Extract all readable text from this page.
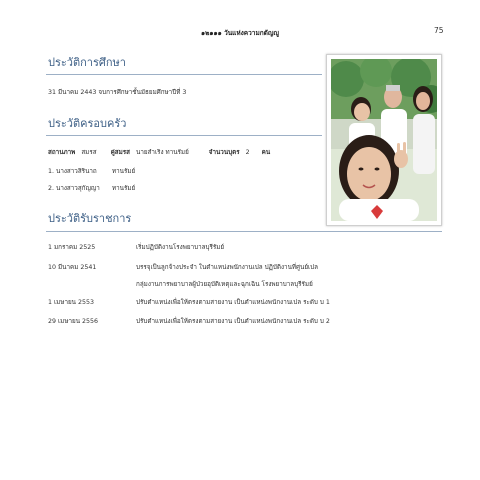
๑๒๑๑๑ วันแห่งความกตัญญู	75
ประวัติการศึกษา
31 มีนาคม 2443 จบการศึกษาชั้นมัธยมศึกษาปีที่ 3
ประวัติครอบครัว
สถานภาพ สมรส คู่สมรส นายสำเริง ทานรัมย์	จำนวนบุตร 2 คน
1. นางสาวสิรินาถ ทานรัมย์
2. นางสาวสุกัญญา ทานรัมย์
ประวัติรับราชการ
1 มกราคม 2525	เริ่มปฏิบัติงานโรงพยาบาลบุรีรัมย์
10 มีนาคม 2541	บรรจุเป็นลูกจ้างประจำ ในตำแหน่งพนักงานเปล ปฏิบัติงานที่ศูนย์เปล
กลุ่มงานการพยาบาลผู้ป่วยอุบัติเหตุและฉุกเฉิน โรงพยาบาลบุรีรัมย์
1 เมษายน 2553	ปรับตำแหน่งเพื่อให้ตรงตามสายงาน เป็นตำแหน่งพนักงานเปล ระดับ บ 1
29 เมษายน 2556	ปรับตำแหน่งเพื่อให้ตรงตามสายงาน เป็นตำแหน่งพนักงานเปล ระดับ บ 2
